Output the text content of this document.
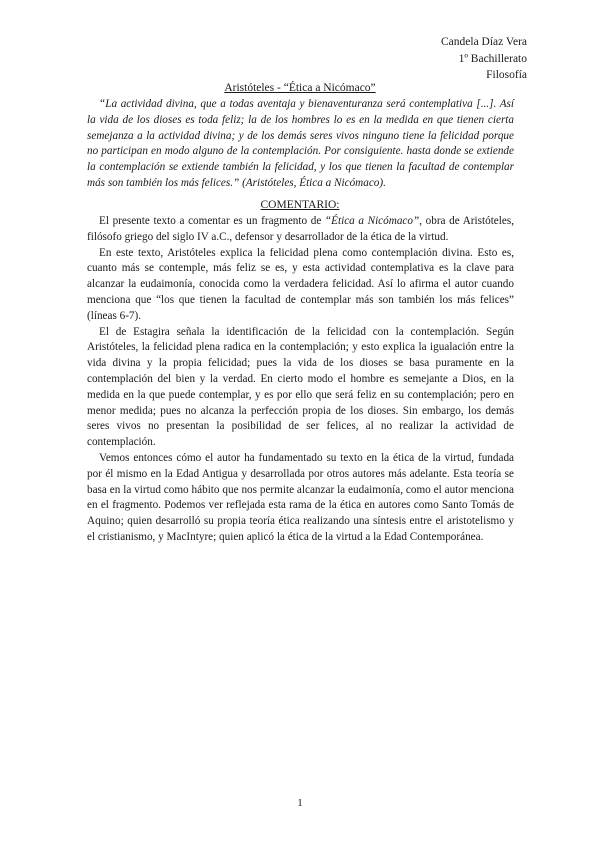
Candela Díaz Vera
1º Bachillerato
Filosofía
Aristóteles - “Ética a Nicómaco”
“La actividad divina, que a todas aventaja y bienaventuranza será contemplativa [...]. Así la vida de los dioses es toda feliz; la de los hombres lo es en la medida en que tienen cierta semejanza a la actividad divina; y de los demás seres vivos ninguno tiene la felicidad porque no participan en modo alguno de la contemplación. Por consiguiente. hasta donde se extiende la contemplación se extiende también la felicidad, y los que tienen la facultad de contemplar más son también los más felices.” (Aristóteles, Ética a Nicómaco).
COMENTARIO:

El presente texto a comentar es un fragmento de “Ética a Nicómaco”, obra de Aristóteles, filósofo griego del siglo IV a.C., defensor y desarrollador de la ética de la virtud.

En este texto, Aristóteles explica la felicidad plena como contemplación divina. Esto es, cuanto más se contemple, más feliz se es, y esta actividad contemplativa es la clave para alcanzar la eudaimonía, conocida como la verdadera felicidad. Así lo afirma el autor cuando menciona que “los que tienen la facultad de contemplar más son también los más felices” (líneas 6-7).

El de Estagira señala la identificación de la felicidad con la contemplación. Según Aristóteles, la felicidad plena radica en la contemplación; y esto explica la igualación entre la vida divina y la propia felicidad; pues la vida de los dioses se basa puramente en la contemplación del bien y la verdad. En cierto modo el hombre es semejante a Dios, en la medida en la que puede contemplar, y es por ello que será feliz en su contemplación; pero en menor medida; pues no alcanza la perfección propia de los dioses. Sin embargo, los demás seres vivos no presentan la posibilidad de ser felices, al no realizar la actividad de contemplación.

Vemos entonces cómo el autor ha fundamentado su texto en la ética de la virtud, fundada por él mismo en la Edad Antigua y desarrollada por otros autores más adelante. Esta teoría se basa en la virtud como hábito que nos permite alcanzar la eudaimonía, como el autor menciona en el fragmento. Podemos ver reflejada esta rama de la ética en autores como Santo Tomás de Aquino; quien desarrolló su propia teoría ética realizando una síntesis entre el aristotelismo y el cristianismo, y MacIntyre; quien aplicó la ética de la virtud a la Edad Contemporánea.

1
